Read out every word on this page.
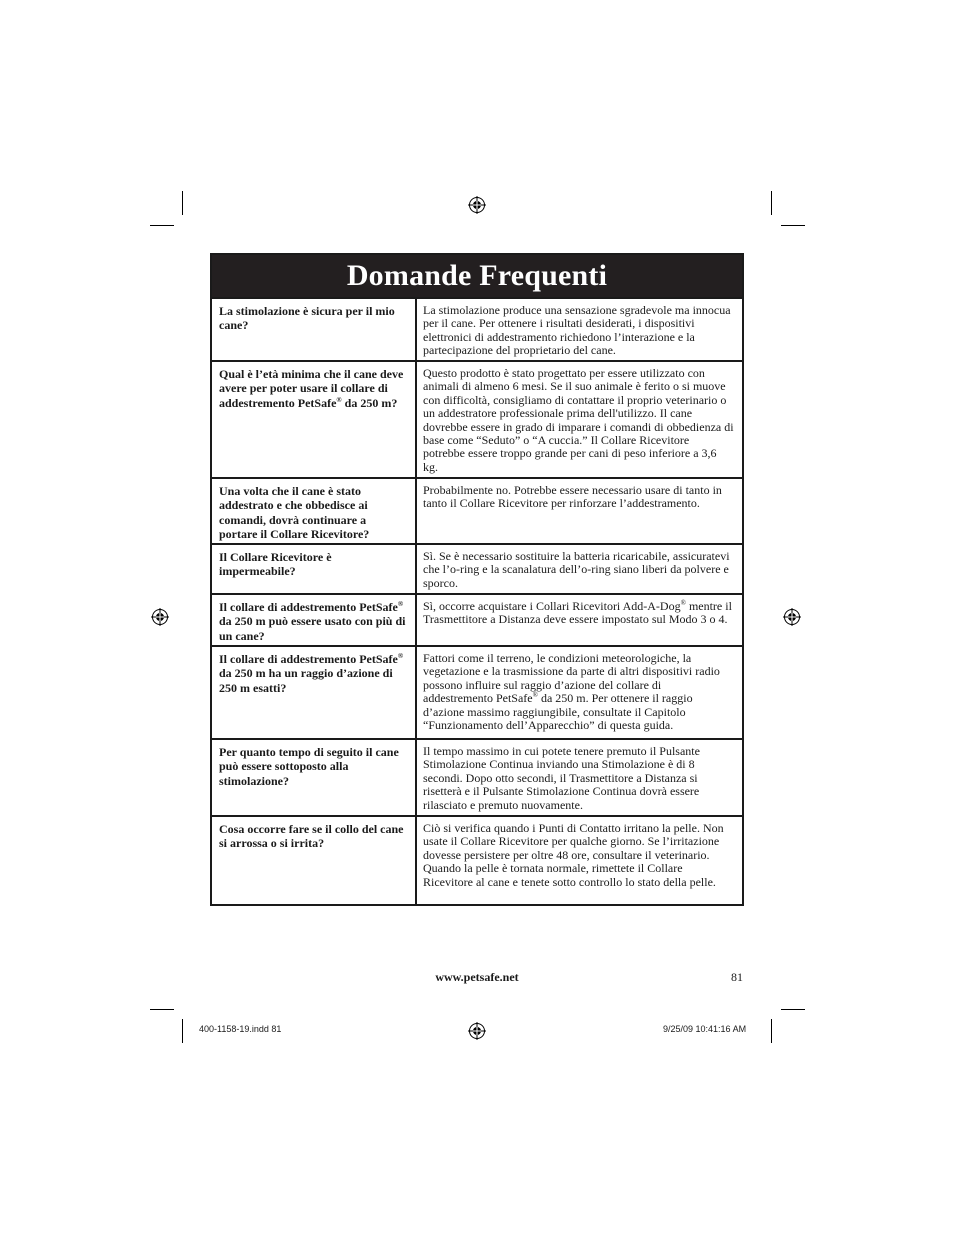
Domande Frequenti
La stimolazione è sicura per il mio cane?
La stimolazione produce una sensazione sgradevole ma innocua per il cane. Per ottenere i risultati desiderati, i dispositivi elettronici di addestramento richiedono l’interazione e la partecipazione del proprietario del cane.
Qual è l’età minima che il cane deve avere per poter usare il collare di addestremento PetSafe® da 250 m?
Questo prodotto è stato progettato per essere utilizzato con animali di almeno 6 mesi. Se il suo animale è ferito o si muove con difficoltà, consigliamo di contattare il proprio veterinario o un addestratore professionale prima dell'utilizzo. Il cane dovrebbe essere in grado di imparare i comandi di obbedienza di base come “Seduto” o “A cuccia.” Il Collare Ricevitore potrebbe essere troppo grande per cani di peso inferiore a 3,6 kg.
Una volta che il cane è stato addestrato e che obbedisce ai comandi, dovrà continuare a portare il Collare Ricevitore?
Probabilmente no. Potrebbe essere necessario usare di tanto in tanto il Collare Ricevitore per rinforzare l’addestramento.
Il Collare Ricevitore è impermeabile?
Sì. Se è necessario sostituire la batteria ricaricabile, assicuratevi che l’o-ring e la scanalatura dell’o-ring siano liberi da polvere e sporco.
Il collare di addestremento PetSafe® da 250 m può essere usato con più di un cane?
Sì, occorre acquistare i Collari Ricevitori Add-A-Dog® mentre il Trasmettitore a Distanza deve essere impostato sul Modo 3 o 4.
Il collare di addestremento PetSafe® da 250 m ha un raggio d’azione di 250 m esatti?
Fattori come il terreno, le condizioni meteorologiche, la vegetazione e la trasmissione da parte di altri dispositivi radio possono influire sul raggio d’azione del collare di addestremento PetSafe® da 250 m. Per ottenere il raggio d’azione massimo raggiungibile, consultate il Capitolo “Funzionamento dell’Apparecchio” di questa guida.
Per quanto tempo di seguito il cane può essere sottoposto alla stimolazione?
Il tempo massimo in cui potete tenere premuto il Pulsante Stimolazione Continua inviando una Stimolazione è di 8 secondi. Dopo otto secondi, il Trasmettitore a Distanza si risetterà e il Pulsante Stimolazione Continua dovrà essere rilasciato e premuto nuovamente.
Cosa occorre fare se il collo del cane si arrossa o si irrita?
Ciò si verifica quando i Punti di Contatto irritano la pelle. Non usate il Collare Ricevitore per qualche giorno. Se l’irritazione dovesse persistere per oltre 48 ore, consultare il veterinario. Quando la pelle è tornata normale, rimettete il Collare Ricevitore al cane e tenete sotto controllo lo stato della pelle.
www.petsafe.net	81
400-1158-19.indd 81	9/25/09 10:41:16 AM
